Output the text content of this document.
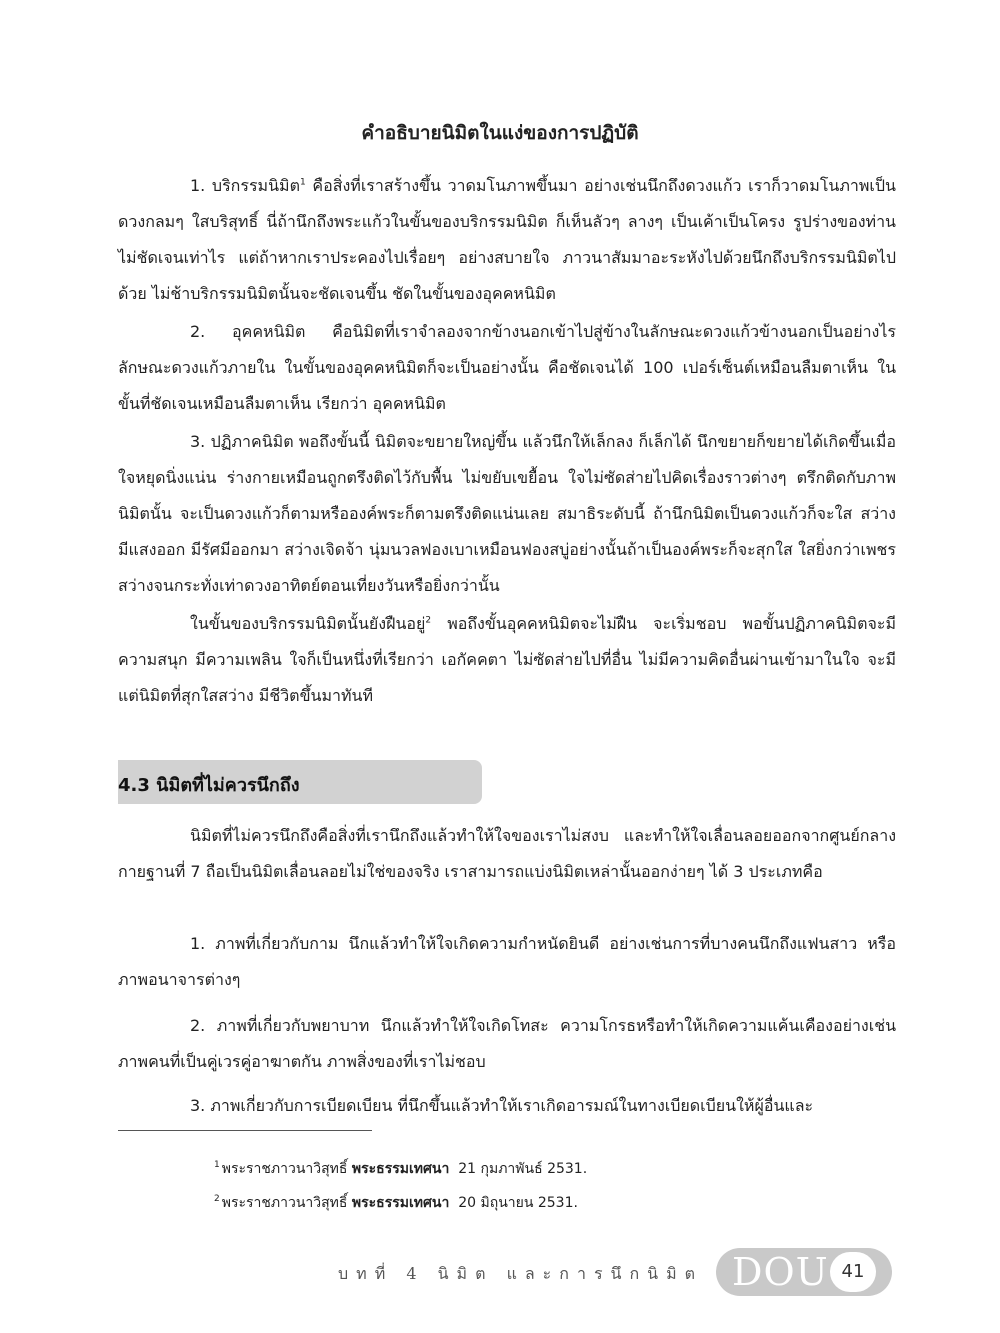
คำอธิบายนิมิตในแง่ของการปฏิบัติ

1. บริกรรมนิมิต$^1$ คือสิ่งที่เราสร้างขึ้น วาดมโนภาพขึ้นมา อย่างเช่นนึกถึงดวงแก้ว เราก็วาดมโนภาพเป็นดวงกลมๆ ใสบริสุทธิ์ นี่ถ้านึกถึงพระแก้วในขั้นของบริกรรมนิมิต ก็เห็นลัวๆ ลางๆ เป็นเค้าเป็นโครง รูปร่างของท่านไม่ชัดเจนเท่าไร แต่ถ้าหากเราประคองไปเรื่อยๆ อย่างสบายใจ ภาวนาสัมมาอะระหังไปด้วยนึกถึงบริกรรมนิมิตไปด้วย ไม่ช้าบริกรรมนิมิตนั้นจะชัดเจนขึ้น ชัดในขั้นของอุคคหนิมิต

2. อุคคหนิมิต คือนิมิตที่เราจำลองจากข้างนอกเข้าไปสู่ข้างในลักษณะดวงแก้วข้างนอกเป็นอย่างไรลักษณะดวงแก้วภายใน ในขั้นของอุคคหนิมิตก็จะเป็นอย่างนั้น คือชัดเจนได้ 100 เปอร์เซ็นต์เหมือนลืมตาเห็น ในขั้นที่ชัดเจนเหมือนลืมตาเห็น เรียกว่า อุคคหนิมิต

3. ปฏิภาคนิมิต พอถึงขั้นนี้ นิมิตจะขยายใหญ่ขึ้น แล้วนึกให้เล็กลง ก็เล็กได้ นึกขยายก็ขยายได้เกิดขึ้นเมื่อใจหยุดนิ่งแน่น ร่างกายเหมือนถูกตรึงติดไว้กับพื้น ไม่ขยับเขยื้อน ใจไม่ซัดส่ายไปคิดเรื่องราวต่างๆ ตรึกติดกับภาพนิมิตนั้น จะเป็นดวงแก้วก็ตามหรือองค์พระก็ตามตรึงติดแน่นเลย สมาธิระดับนี้ ถ้านึกนิมิตเป็นดวงแก้วก็จะใส สว่าง มีแสงออก มีรัศมีออกมา สว่างเจิดจ้า นุ่มนวลฟองเบาเหมือนฟองสบู่อย่างนั้นถ้าเป็นองค์พระก็จะสุกใส ใสยิ่งกว่าเพชร สว่างจนกระทั่งเท่าดวงอาทิตย์ตอนเที่ยงวันหรือยิ่งกว่านั้น

ในขั้นของบริกรรมนิมิตนั้นยังฝืนอยู่$^2$ พอถึงขั้นอุคคหนิมิตจะไม่ฝืน จะเริ่มชอบ พอขั้นปฏิภาคนิมิตจะมีความสนุก มีความเพลิน ใจก็เป็นหนึ่งที่เรียกว่า เอกัคคตา ไม่ซัดส่ายไปที่อื่น ไม่มีความคิดอื่นผ่านเข้ามาในใจ จะมีแต่นิมิตที่สุกใสสว่าง มีชีวิตขึ้นมาทันที

4.3 นิมิตที่ไม่ควรนึกถึง

นิมิตที่ไม่ควรนึกถึงคือสิ่งที่เรานึกถึงแล้วทำให้ใจของเราไม่สงบ และทำให้ใจเลื่อนลอยออกจากศูนย์กลางกายฐานที่ 7 ถือเป็นนิมิตเลื่อนลอยไม่ใช่ของจริง เราสามารถแบ่งนิมิตเหล่านั้นออกง่ายๆ ได้ 3 ประเภทคือ

1. ภาพที่เกี่ยวกับกาม นึกแล้วทำให้ใจเกิดความกำหนัดยินดี อย่างเช่นการที่บางคนนึกถึงแฟนสาว หรือภาพอนาจารต่างๆ

2. ภาพที่เกี่ยวกับพยาบาท นึกแล้วทำให้ใจเกิดโทสะ ความโกรธหรือทำให้เกิดความแค้นเคืองอย่างเช่น ภาพคนที่เป็นคู่เวรคู่อาฆาตกัน ภาพสิ่งของที่เราไม่ชอบ

3. ภาพเกี่ยวกับการเบียดเบียน ที่นึกขึ้นแล้วทำให้เราเกิดอารมณ์ในทางเบียดเบียนให้ผู้อื่นและ

$^1$ พระราชภาวนาวิสุทธิ์ พระธรรมเทศนา 21 กุมภาพันธ์ 2531.
$^2$ พระราชภาวนาวิสุทธิ์ พระธรรมเทศนา 20 มิถุนายน 2531.
บทที่ 4 นิมิต และการนึกนิมิต DOU 41
